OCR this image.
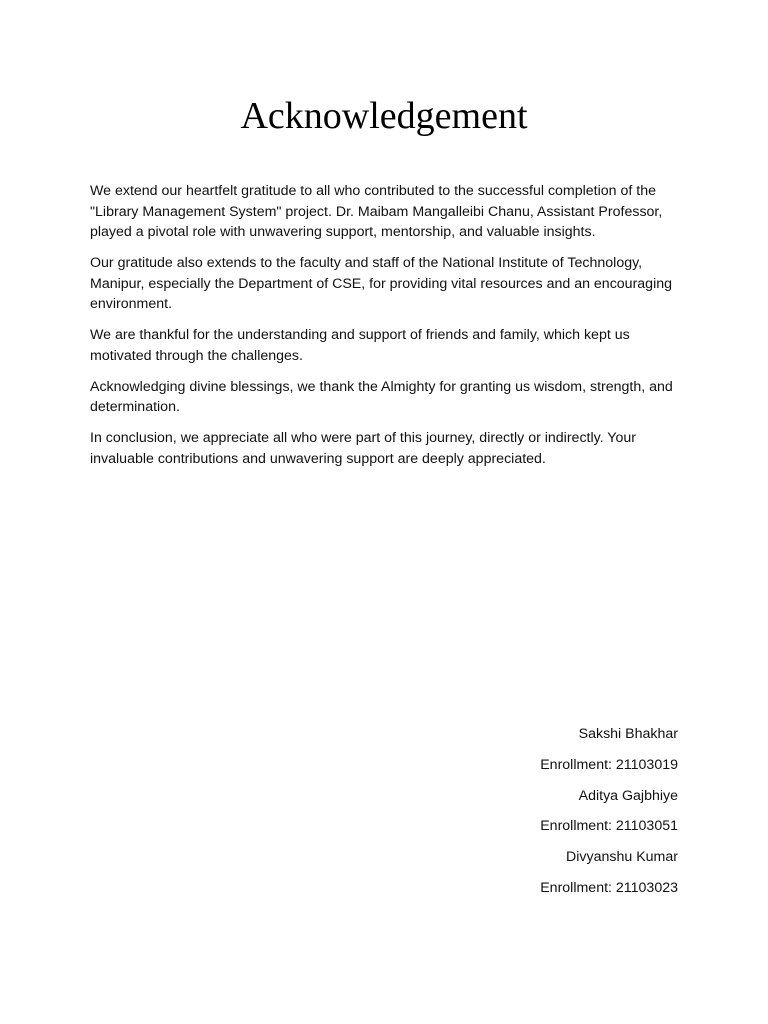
Acknowledgement

We extend our heartfelt gratitude to all who contributed to the successful completion of the "Library Management System" project. Dr. Maibam Mangalleibi Chanu, Assistant Professor, played a pivotal role with unwavering support, mentorship, and valuable insights.

Our gratitude also extends to the faculty and staff of the National Institute of Technology, Manipur, especially the Department of CSE, for providing vital resources and an encouraging environment.

We are thankful for the understanding and support of friends and family, which kept us motivated through the challenges.

Acknowledging divine blessings, we thank the Almighty for granting us wisdom, strength, and determination.

In conclusion, we appreciate all who were part of this journey, directly or indirectly. Your invaluable contributions and unwavering support are deeply appreciated.

Sakshi Bhakhar
Enrollment: 21103019
Aditya Gajbhiye
Enrollment: 21103051
Divyanshu Kumar
Enrollment: 21103023
